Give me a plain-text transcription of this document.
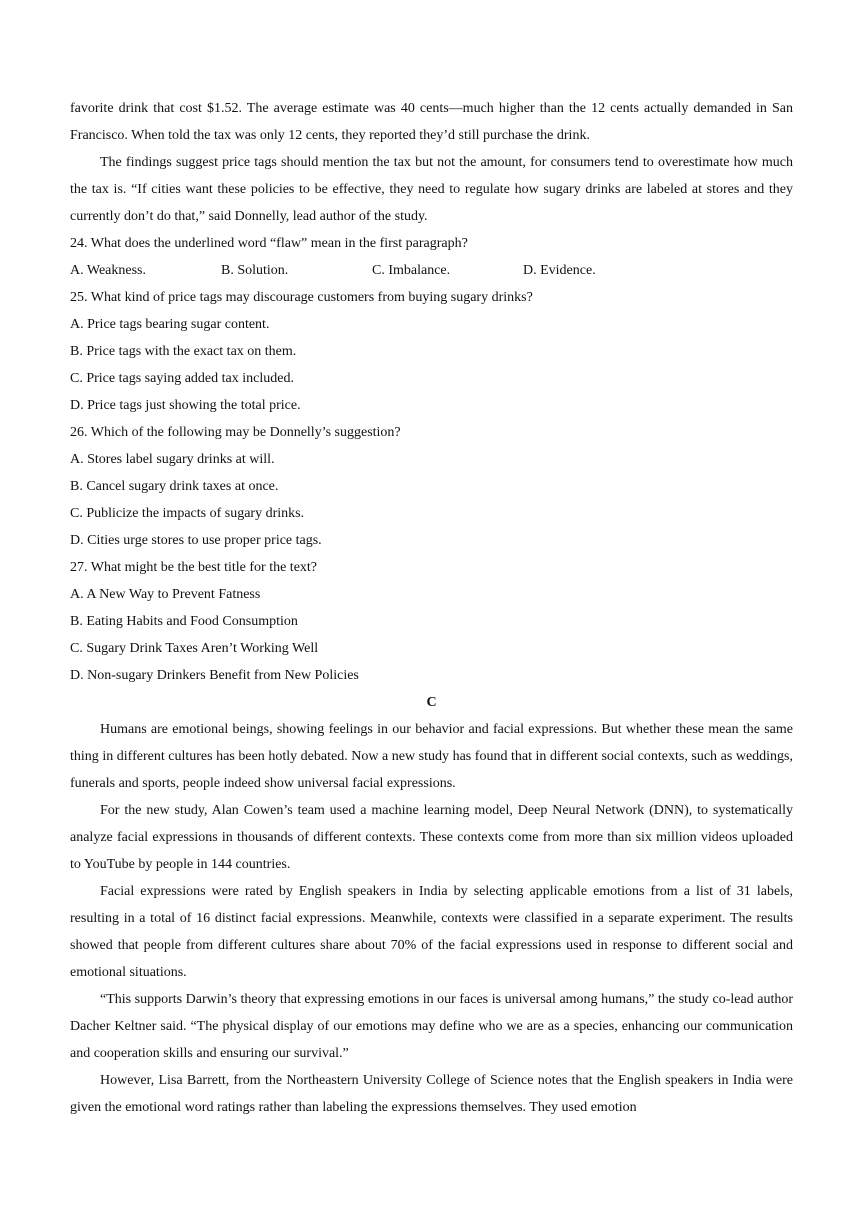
favorite drink that cost $1.52. The average estimate was 40 cents—much higher than the 12 cents actually demanded in San Francisco. When told the tax was only 12 cents, they reported they’d still purchase the drink.

The findings suggest price tags should mention the tax but not the amount, for consumers tend to overestimate how much the tax is. “If cities want these policies to be effective, they need to regulate how sugary drinks are labeled at stores and they currently don’t do that,” said Donnelly, lead author of the study.

24. What does the underlined word “flaw” mean in the first paragraph?

A. Weakness.	B. Solution.	C. Imbalance.	D. Evidence.

25. What kind of price tags may discourage customers from buying sugary drinks?

A. Price tags bearing sugar content.

B. Price tags with the exact tax on them.

C. Price tags saying added tax included.

D. Price tags just showing the total price.

26. Which of the following may be Donnelly’s suggestion?

A. Stores label sugary drinks at will.

B. Cancel sugary drink taxes at once.

C. Publicize the impacts of sugary drinks.

D. Cities urge stores to use proper price tags.

27. What might be the best title for the text?

A. A New Way to Prevent Fatness

B. Eating Habits and Food Consumption

C. Sugary Drink Taxes Aren’t Working Well

D. Non-sugary Drinkers Benefit from New Policies

C

Humans are emotional beings, showing feelings in our behavior and facial expressions. But whether these mean the same thing in different cultures has been hotly debated. Now a new study has found that in different social contexts, such as weddings, funerals and sports, people indeed show universal facial expressions.

For the new study, Alan Cowen’s team used a machine learning model, Deep Neural Network (DNN), to systematically analyze facial expressions in thousands of different contexts. These contexts come from more than six million videos uploaded to YouTube by people in 144 countries.

Facial expressions were rated by English speakers in India by selecting applicable emotions from a list of 31 labels, resulting in a total of 16 distinct facial expressions. Meanwhile, contexts were classified in a separate experiment. The results showed that people from different cultures share about 70% of the facial expressions used in response to different social and emotional situations.

“This supports Darwin’s theory that expressing emotions in our faces is universal among humans,” the study co-lead author Dacher Keltner said. “The physical display of our emotions may define who we are as a species, enhancing our communication and cooperation skills and ensuring our survival.”

However, Lisa Barrett, from the Northeastern University College of Science notes that the English speakers in India were given the emotional word ratings rather than labeling the expressions themselves. They used emotion
